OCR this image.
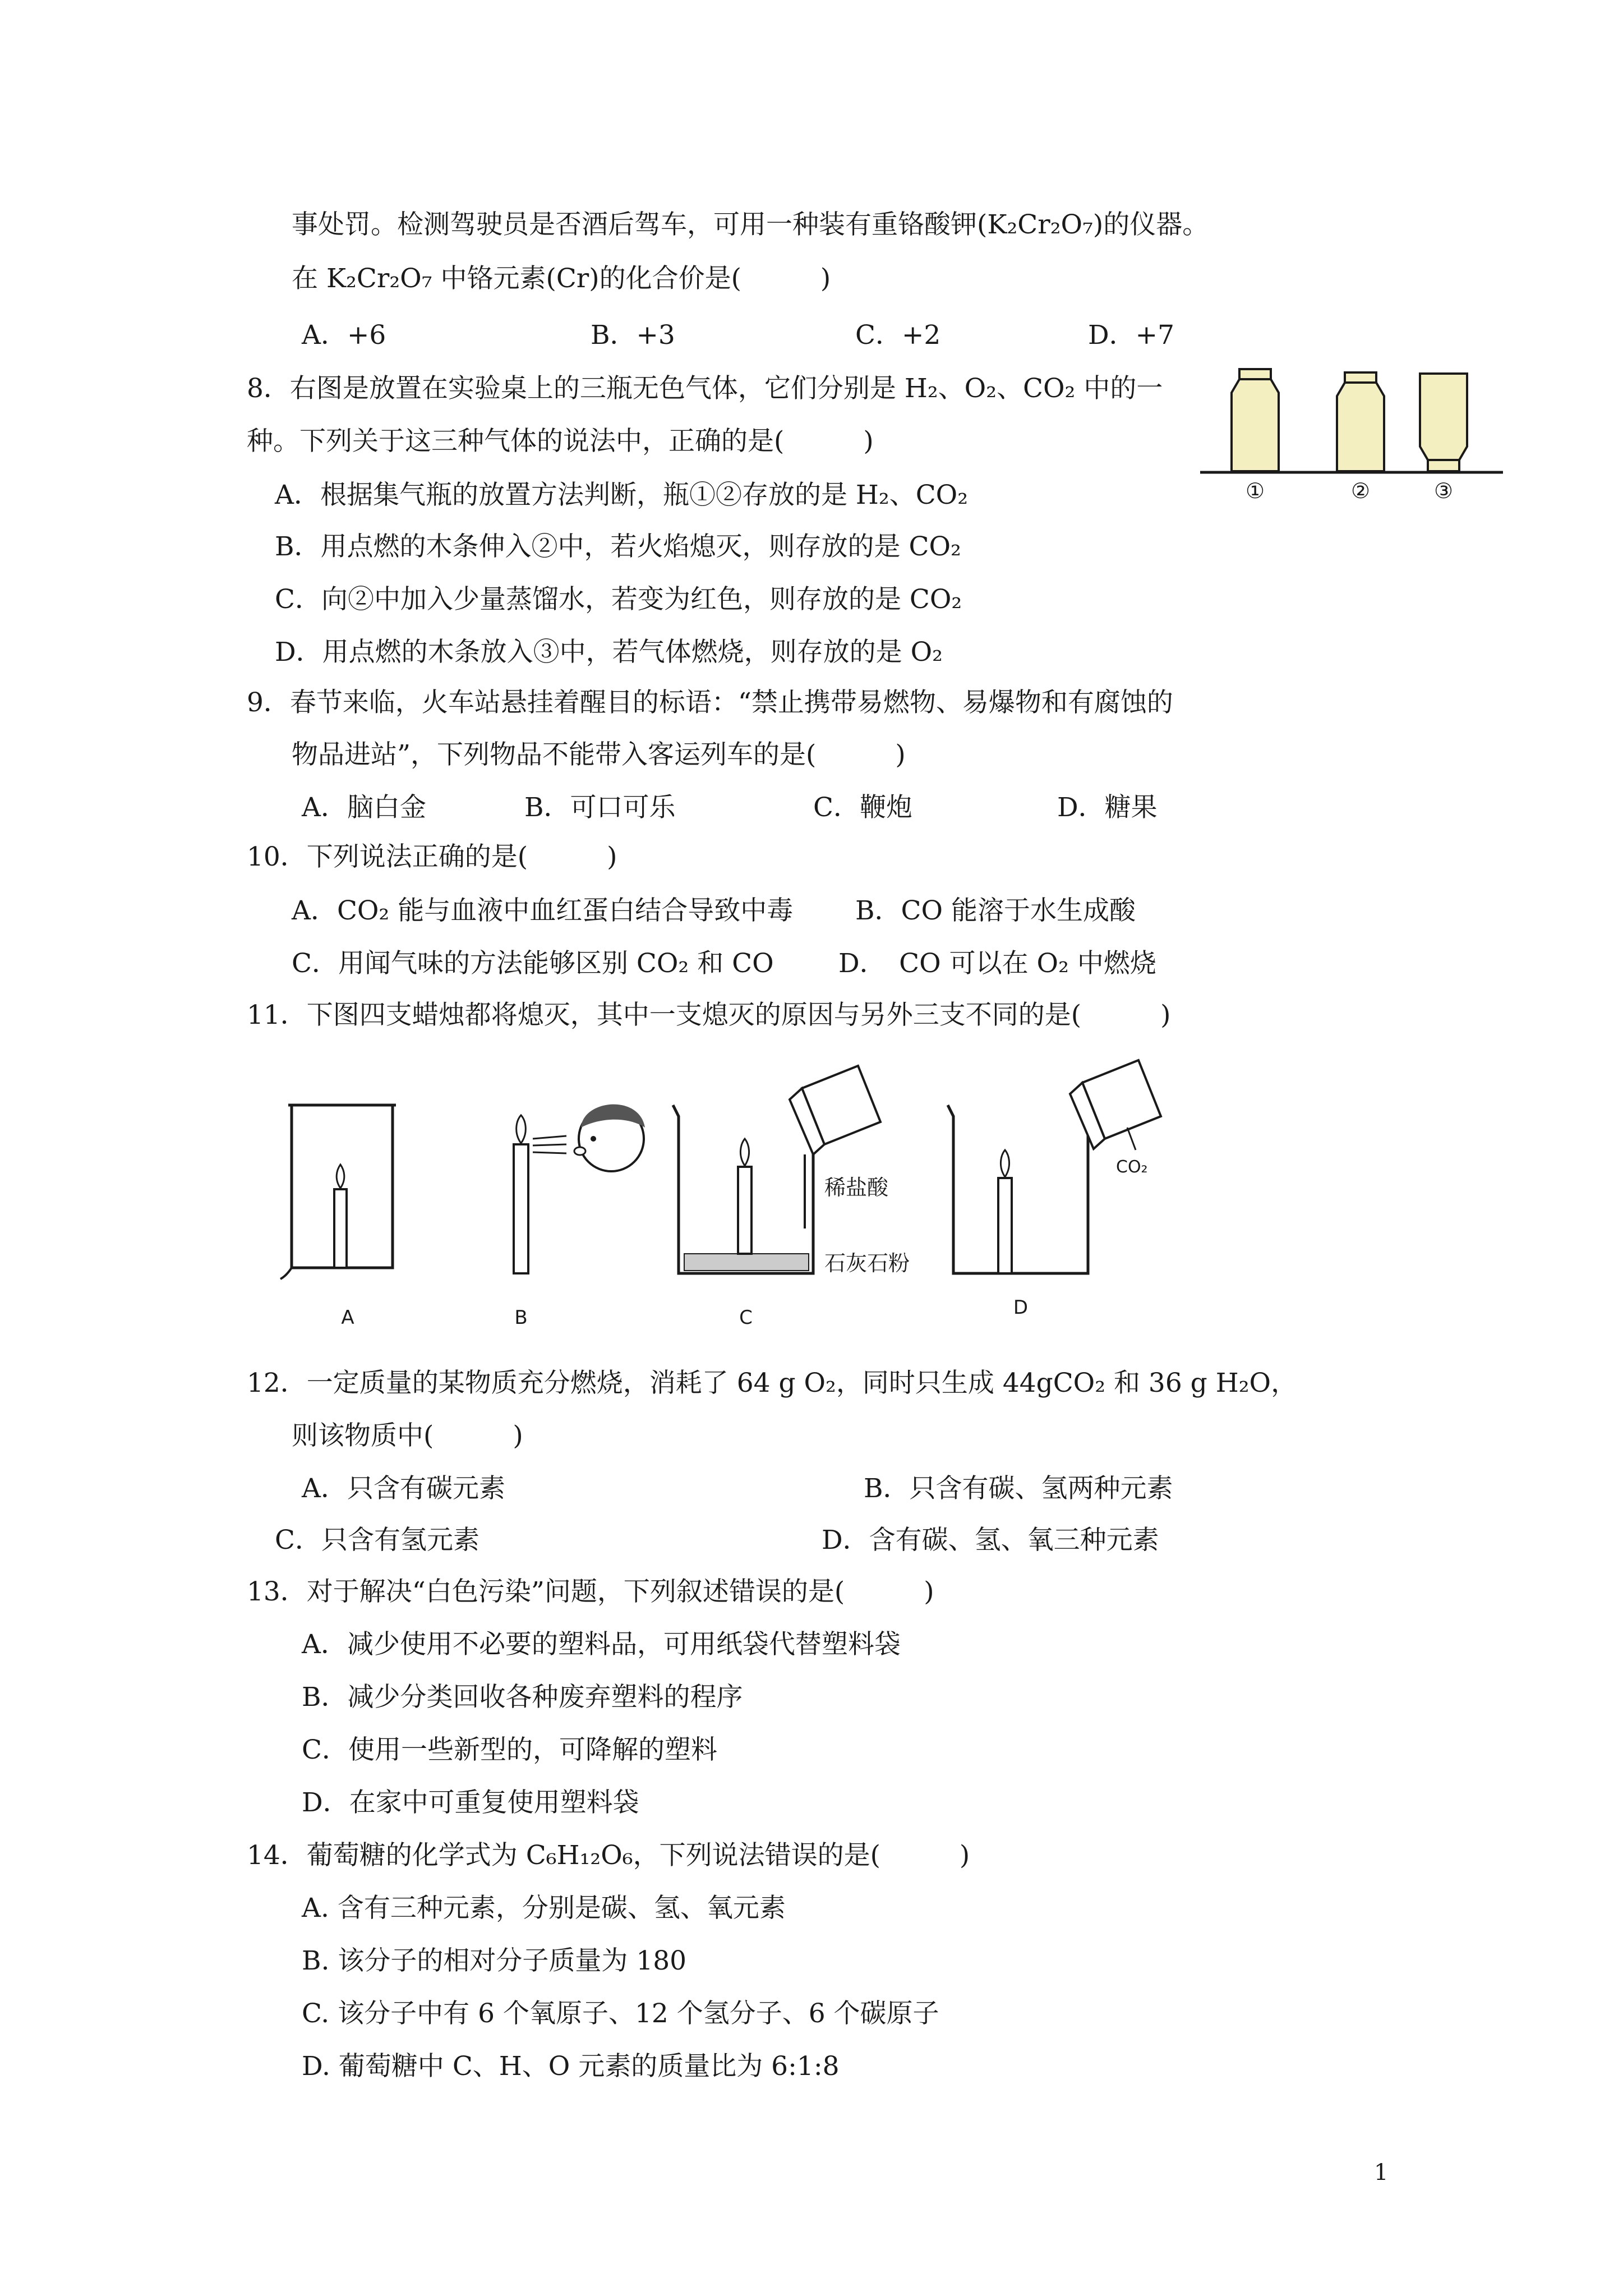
事处罚。检测驾驶员是否酒后驾车，可用一种装有重铬酸钾(K₂Cr₂O₇)的仪器。
在 K₂Cr₂O₇ 中铬元素(Cr)的化合价是(　　　)
A．+6	B．+3	C．+2	D．+7
8．右图是放置在实验桌上的三瓶无色气体，它们分别是 H₂、O₂、CO₂ 中的一
种。下列关于这三种气体的说法中，正确的是(　　　)
A．根据集气瓶的放置方法判断，瓶①②存放的是 H₂、CO₂
B．用点燃的木条伸入②中，若火焰熄灭，则存放的是 CO₂
C．向②中加入少量蒸馏水，若变为红色，则存放的是 CO₂
D．用点燃的木条放入③中，若气体燃烧，则存放的是 O₂
①	②	③
9．春节来临，火车站悬挂着醒目的标语：“禁止携带易燃物、易爆物和有腐蚀的
物品进站”，下列物品不能带入客运列车的是(　　　)
A．脑白金	B．可口可乐	C．鞭炮	D．糖果
10．下列说法正确的是(　　　)
A．CO₂ 能与血液中血红蛋白结合导致中毒 B．CO 能溶于水生成酸
C．用闻气味的方法能够区别 CO₂ 和 CO D．　CO 可以在 O₂ 中燃烧
11．下图四支蜡烛都将熄灭，其中一支熄灭的原因与另外三支不同的是(　　　)
A	B
稀盐酸
石灰石粉
C
CO₂
D
12．一定质量的某物质充分燃烧，消耗了 64 g O₂，同时只生成 44gCO₂ 和 36 g H₂O，
则该物质中(　　　)
A．只含有碳元素	B．只含有碳、氢两种元素
C．只含有氢元素	D．含有碳、氢、氧三种元素
13．对于解决“白色污染”问题，下列叙述错误的是(　　　)
A．减少使用不必要的塑料品，可用纸袋代替塑料袋
B．减少分类回收各种废弃塑料的程序
C．使用一些新型的，可降解的塑料
D．在家中可重复使用塑料袋
14．葡萄糖的化学式为 C₆H₁₂O₆，下列说法错误的是(　　　)
A. 含有三种元素，分别是碳、氢、氧元素
B. 该分子的相对分子质量为 180
C. 该分子中有 6 个氧原子、12 个氢分子、6 个碳原子
D. 葡萄糖中 C、H、O 元素的质量比为 6:1:8
1
